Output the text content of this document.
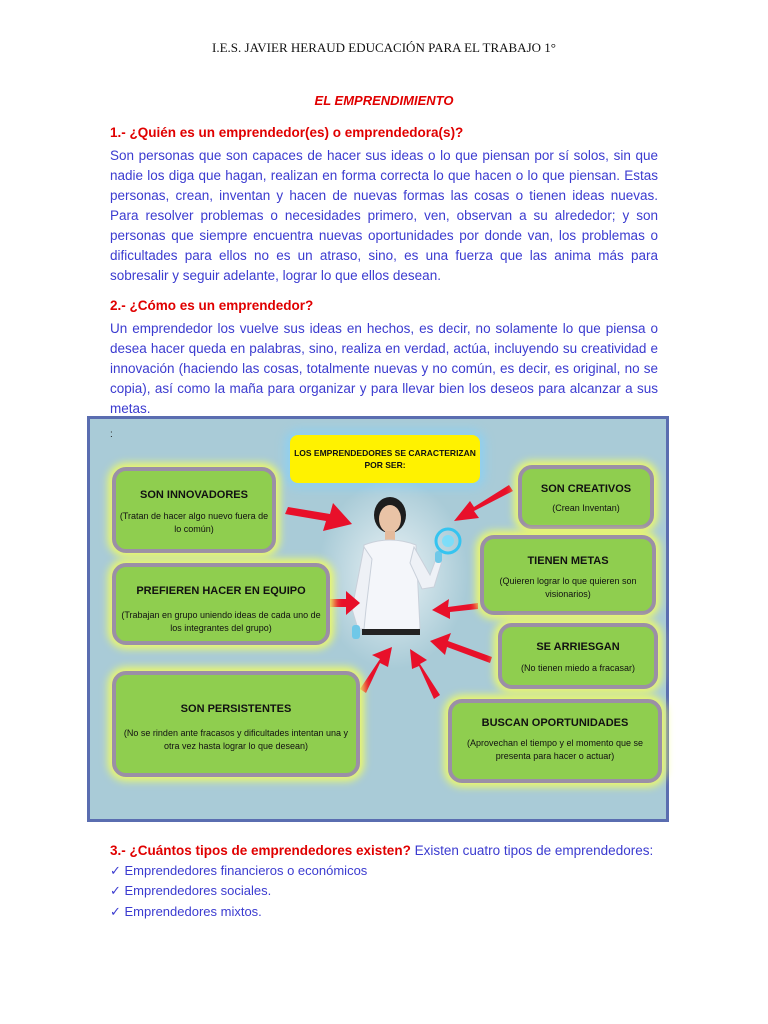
I.E.S. JAVIER HERAUD EDUCACIÓN PARA EL TRABAJO 1°
EL EMPRENDIMIENTO
1.- ¿Quién es un emprendedor(es) o emprendedora(s)?
Son personas que son capaces de hacer sus ideas o lo que piensan por sí solos, sin que nadie los diga que hagan, realizan en forma correcta lo que hacen o lo que piensan. Estas personas, crean, inventan y hacen de nuevas formas las cosas o tienen ideas nuevas. Para resolver problemas o necesidades primero, ven, observan a su alrededor; y son personas que siempre encuentra nuevas oportunidades por donde van, los problemas o dificultades para ellos no es un atraso, sino, es una fuerza que las anima más para sobresalir y seguir adelante, lograr lo que ellos desean.
2.- ¿Cómo es un emprendedor?
Un emprendedor los vuelve sus ideas en hechos, es decir, no solamente lo que piensa o desea hacer queda en palabras, sino, realiza en verdad, actúa, incluyendo su creatividad e innovación (haciendo las cosas, totalmente nuevas y no común, es decir, es original, no se copia), así como la maña para organizar y para llevar bien los deseos para alcanzar a sus metas.
:
LOS EMPRENDEDORES SE CARACTERIZAN POR SER:
SON INNOVADORES
(Tratan de hacer algo nuevo fuera de lo común)
PREFIEREN HACER EN EQUIPO
(Trabajan en grupo uniendo ideas de cada uno de los integrantes del grupo)
SON PERSISTENTES
(No se rinden ante fracasos y dificultades intentan una y otra vez hasta lograr lo que desean)
SON CREATIVOS
(Crean Inventan)
TIENEN METAS
(Quieren lograr lo que quieren son visionarios)
SE ARRIESGAN
(No tienen miedo a fracasar)
BUSCAN OPORTUNIDADES
(Aprovechan el tiempo y el momento que se presenta para hacer o actuar)
3.- ¿Cuántos tipos de emprendedores existen? Existen cuatro tipos de emprendedores:
✓ Emprendedores financieros o económicos
✓ Emprendedores sociales.
✓ Emprendedores mixtos.
